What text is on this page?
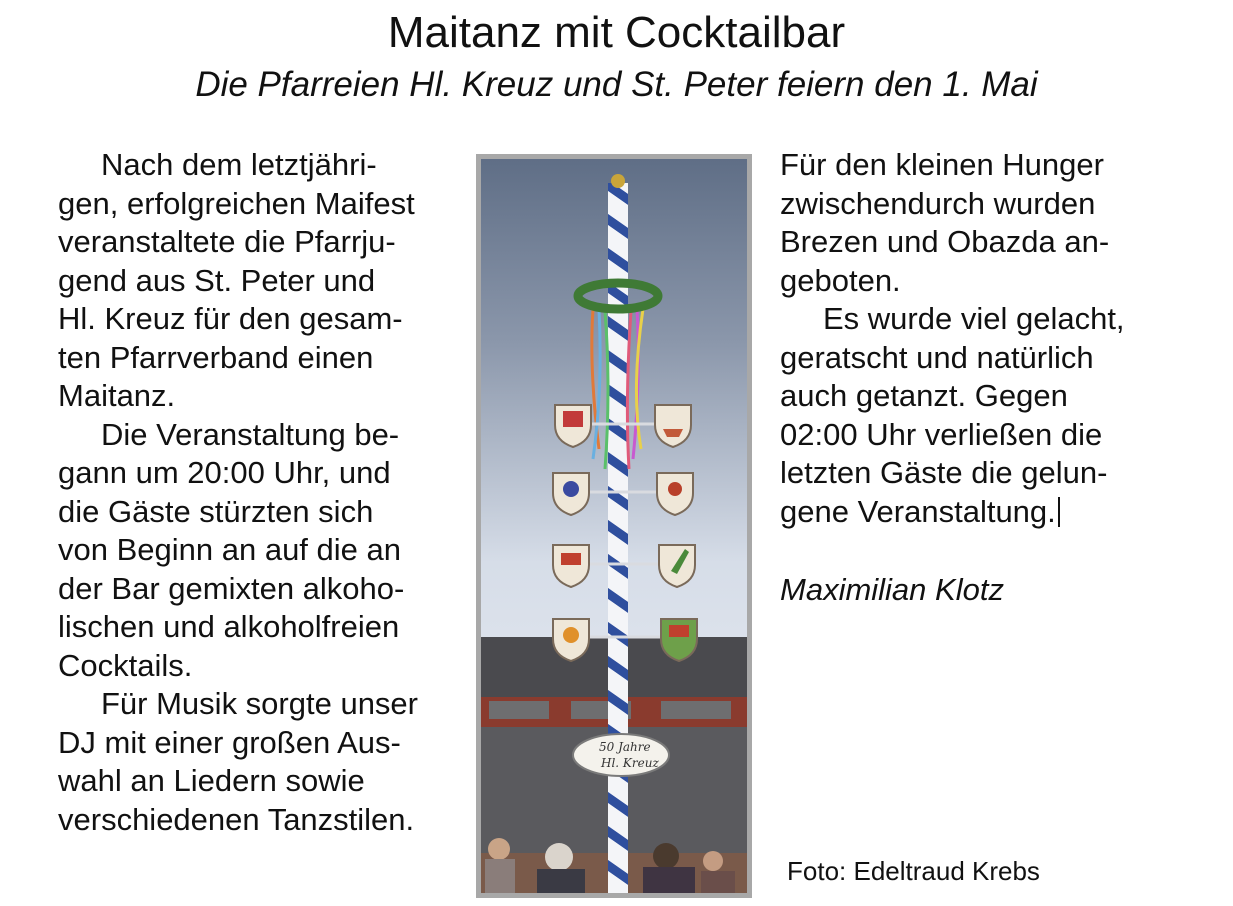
Maitanz mit Cocktailbar
Die Pfarreien Hl. Kreuz und St. Peter feiern den 1. Mai
Nach dem letztjähri-
gen, erfolgreichen Maifest
veranstaltete die Pfarrju-
gend aus St. Peter und
Hl. Kreuz für den gesam-
ten Pfarrverband einen
Maitanz.
Die Veranstaltung be-
gann um 20:00 Uhr, und
die Gäste stürzten sich
von Beginn an auf die an
der Bar gemixten alkoho-
lischen und alkoholfreien
Cocktails.
Für Musik sorgte unser
DJ mit einer großen Aus-
wahl an Liedern sowie
verschiedenen Tanzstilen.
50 Jahre
Hl. Kreuz
Für den kleinen Hunger
zwischendurch wurden
Brezen und Obazda an-
geboten.
Es wurde viel gelacht,
geratscht und natürlich
auch getanzt. Gegen
02:00 Uhr verließen die
letzten Gäste die gelun-
gene Veranstaltung.
Maximilian Klotz
Foto: Edeltraud Krebs
